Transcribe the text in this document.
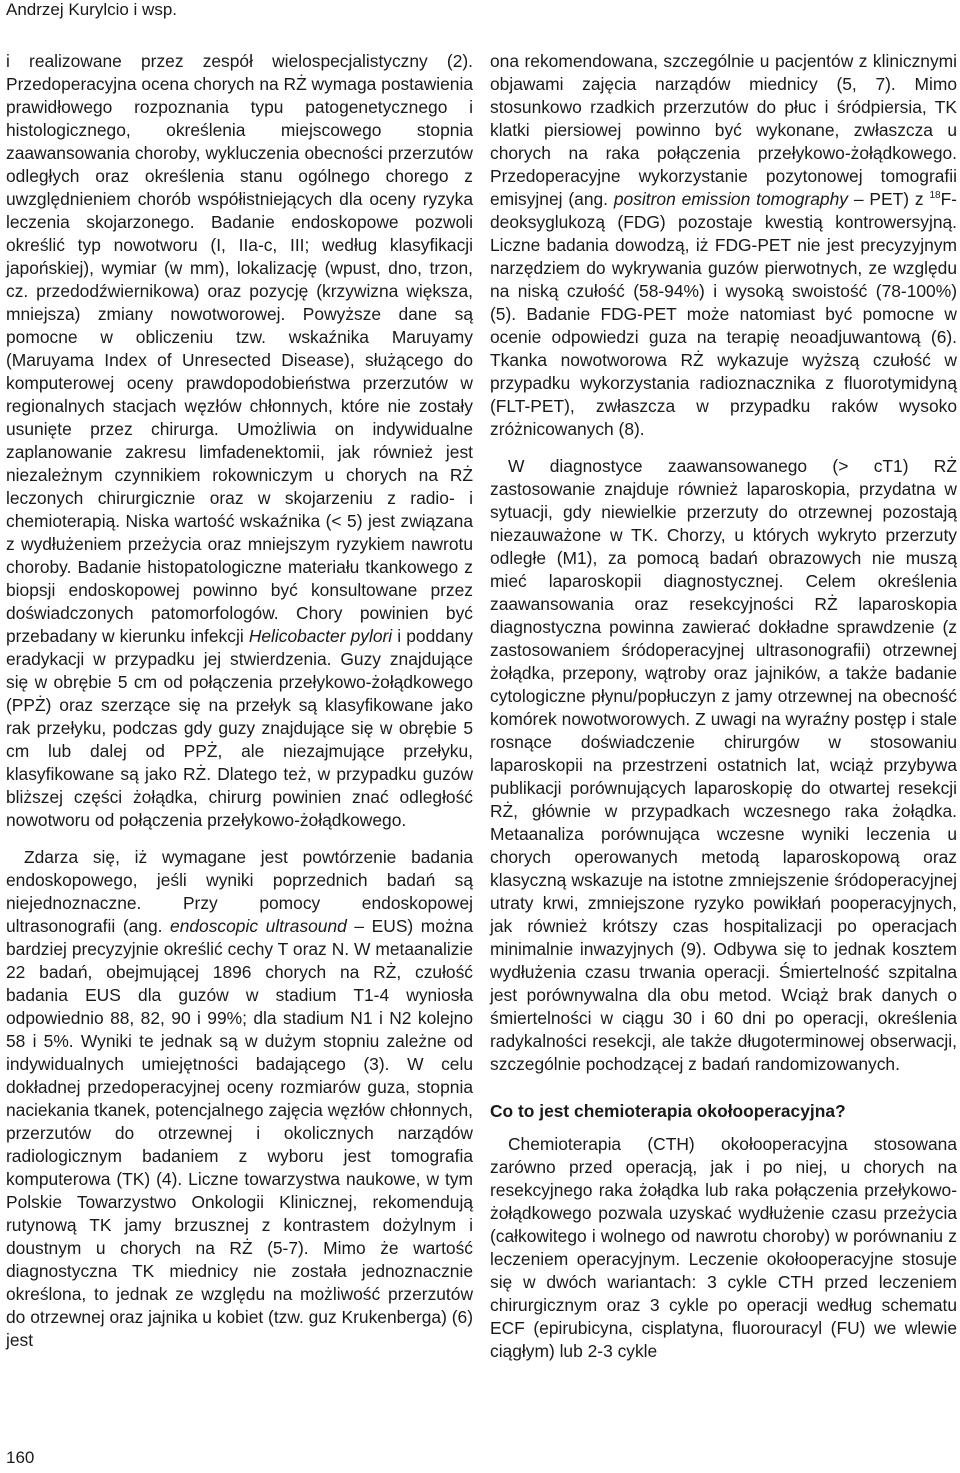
Andrzej Kurylcio i wsp.

i realizowane przez zespół wielospecjalistyczny (2). Przedoperacyjna ocena chorych na RŻ wymaga postawienia prawidłowego rozpoznania typu patogenetycznego i histologicznego, określenia miejscowego stopnia zaawansowania choroby, wykluczenia obecności przerzutów odległych oraz określenia stanu ogólnego chorego z uwzględnieniem chorób współistniejących dla oceny ryzyka leczenia skojarzonego. Badanie endoskopowe pozwoli określić typ nowotworu (I, IIa-c, III; według klasyfikacji japońskiej), wymiar (w mm), lokalizację (wpust, dno, trzon, cz. przedodźwiernikowa) oraz pozycję (krzywizna większa, mniejsza) zmiany nowotworowej. Powyższe dane są pomocne w obliczeniu tzw. wskaźnika Maruyamy (Maruyama Index of Unresected Disease), służącego do komputerowej oceny prawdopodobieństwa przerzutów w regionalnych stacjach węzłów chłonnych, które nie zostały usunięte przez chirurga. Umożliwia on indywidualne zaplanowanie zakresu limfadenektomii, jak również jest niezależnym czynnikiem rokowniczym u chorych na RŻ leczonych chirurgicznie oraz w skojarzeniu z radio- i chemioterapią. Niska wartość wskaźnika (< 5) jest związana z wydłużeniem przeżycia oraz mniejszym ryzykiem nawrotu choroby. Badanie histopatologiczne materiału tkankowego z biopsji endoskopowej powinno być konsultowane przez doświadczonych patomorfologów. Chory powinien być przebadany w kierunku infekcji Helicobacter pylori i poddany eradykacji w przypadku jej stwierdzenia. Guzy znajdujące się w obrębie 5 cm od połączenia przełykowo-żołądkowego (PPŻ) oraz szerzące się na przełyk są klasyfikowane jako rak przełyku, podczas gdy guzy znajdujące się w obrębie 5 cm lub dalej od PPŻ, ale niezajmujące przełyku, klasyfikowane są jako RŻ. Dlatego też, w przypadku guzów bliższej części żołądka, chirurg powinien znać odległość nowotworu od połączenia przełykowo-żołądkowego.

Zdarza się, iż wymagane jest powtórzenie badania endoskopowego, jeśli wyniki poprzednich badań są niejednoznaczne. Przy pomocy endoskopowej ultrasonografii (ang. endoscopic ultrasound – EUS) można bardziej precyzyjnie określić cechy T oraz N. W metaanalizie 22 badań, obejmującej 1896 chorych na RŻ, czułość badania EUS dla guzów w stadium T1-4 wyniosła odpowiednio 88, 82, 90 i 99%; dla stadium N1 i N2 kolejno 58 i 5%. Wyniki te jednak są w dużym stopniu zależne od indywidualnych umiejętności badającego (3). W celu dokładnej przedoperacyjnej oceny rozmiarów guza, stopnia naciekania tkanek, potencjalnego zajęcia węzłów chłonnych, przerzutów do otrzewnej i okolicznych narządów radiologicznym badaniem z wyboru jest tomografia komputerowa (TK) (4). Liczne towarzystwa naukowe, w tym Polskie Towarzystwo Onkologii Klinicznej, rekomendują rutynową TK jamy brzusznej z kontrastem dożylnym i doustnym u chorych na RŻ (5-7). Mimo że wartość diagnostyczna TK miednicy nie została jednoznacznie określona, to jednak ze względu na możliwość przerzutów do otrzewnej oraz jajnika u kobiet (tzw. guz Krukenberga) (6) jest

ona rekomendowana, szczególnie u pacjentów z klinicznymi objawami zajęcia narządów miednicy (5, 7). Mimo stosunkowo rzadkich przerzutów do płuc i śródpiersia, TK klatki piersiowej powinno być wykonane, zwłaszcza u chorych na raka połączenia przełykowo-żołądkowego. Przedoperacyjne wykorzystanie pozytonowej tomografii emisyjnej (ang. positron emission tomography – PET) z $^{18}$F-deoksyglukozą (FDG) pozostaje kwestią kontrowersyjną. Liczne badania dowodzą, iż FDG-PET nie jest precyzyjnym narzędziem do wykrywania guzów pierwotnych, ze względu na niską czułość (58-94%) i wysoką swoistość (78-100%) (5). Badanie FDG-PET może natomiast być pomocne w ocenie odpowiedzi guza na terapię neoadjuwantową (6). Tkanka nowotworowa RŻ wykazuje wyższą czułość w przypadku wykorzystania radioznacznika z fluorotymidyną (FLT-PET), zwłaszcza w przypadku raków wysoko zróżnicowanych (8).

W diagnostyce zaawansowanego (> cT1) RŻ zastosowanie znajduje również laparoskopia, przydatna w sytuacji, gdy niewielkie przerzuty do otrzewnej pozostają niezauważone w TK. Chorzy, u których wykryto przerzuty odległe (M1), za pomocą badań obrazowych nie muszą mieć laparoskopii diagnostycznej. Celem określenia zaawansowania oraz resekcyjności RŻ laparoskopia diagnostyczna powinna zawierać dokładne sprawdzenie (z zastosowaniem śródoperacyjnej ultrasonografii) otrzewnej żołądka, przepony, wątroby oraz jajników, a także badanie cytologiczne płynu/popłuczyn z jamy otrzewnej na obecność komórek nowotworowych. Z uwagi na wyraźny postęp i stale rosnące doświadczenie chirurgów w stosowaniu laparoskopii na przestrzeni ostatnich lat, wciąż przybywa publikacji porównujących laparoskopię do otwartej resekcji RŻ, głównie w przypadkach wczesnego raka żołądka. Metaanaliza porównująca wczesne wyniki leczenia u chorych operowanych metodą laparoskopową oraz klasyczną wskazuje na istotne zmniejszenie śródoperacyjnej utraty krwi, zmniejszone ryzyko powikłań pooperacyjnych, jak również krótszy czas hospitalizacji po operacjach minimalnie inwazyjnych (9). Odbywa się to jednak kosztem wydłużenia czasu trwania operacji. Śmiertelność szpitalna jest porównywalna dla obu metod. Wciąż brak danych o śmiertelności w ciągu 30 i 60 dni po operacji, określenia radykalności resekcji, ale także długoterminowej obserwacji, szczególnie pochodzącej z badań randomizowanych.

Co to jest chemioterapia okołooperacyjna?

Chemioterapia (CTH) okołooperacyjna stosowana zarówno przed operacją, jak i po niej, u chorych na resekcyjnego raka żołądka lub raka połączenia przełykowo-żołądkowego pozwala uzyskać wydłużenie czasu przeżycia (całkowitego i wolnego od nawrotu choroby) w porównaniu z leczeniem operacyjnym. Leczenie okołooperacyjne stosuje się w dwóch wariantach: 3 cykle CTH przed leczeniem chirurgicznym oraz 3 cykle po operacji według schematu ECF (epirubicyna, cisplatyna, fluorouracyl (FU) we wlewie ciągłym) lub 2-3 cykle

160
